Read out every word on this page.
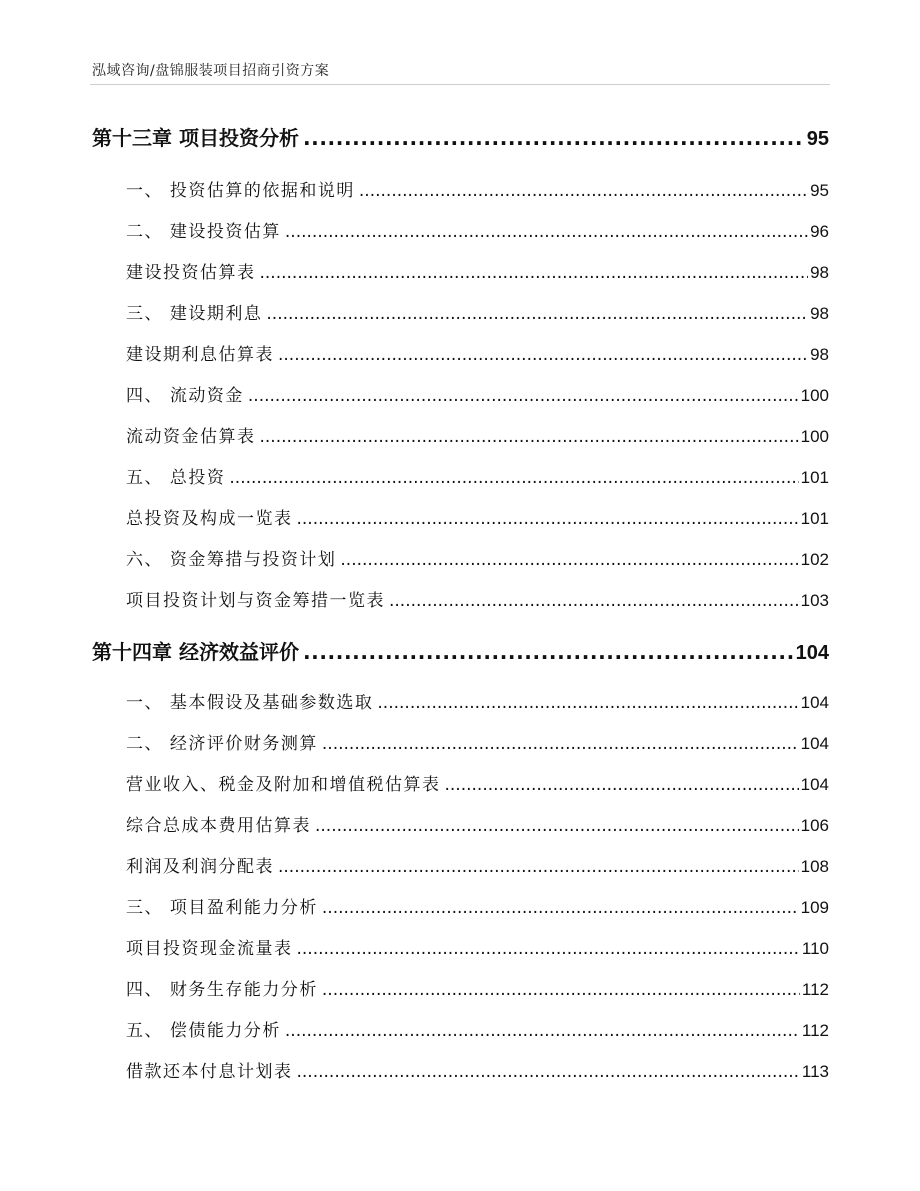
泓域咨询/盘锦服装项目招商引资方案
第十三章 项目投资分析 .....	95
一、 投资估算的依据和说明 .....	95
二、 建设投资估算 .....	96
建设投资估算表 .....	98
三、 建设期利息 .....	98
建设期利息估算表 .....	98
四、 流动资金 .....	100
流动资金估算表 .....	100
五、 总投资 .....	101
总投资及构成一览表 .....	101
六、 资金筹措与投资计划 .....	102
项目投资计划与资金筹措一览表 .....	103
第十四章 经济效益评价 .....	104
一、 基本假设及基础参数选取 .....	104
二、 经济评价财务测算 .....	104
营业收入、税金及附加和增值税估算表 .....	104
综合总成本费用估算表 .....	106
利润及利润分配表 .....	108
三、 项目盈利能力分析 .....	109
项目投资现金流量表 .....	110
四、 财务生存能力分析 .....	112
五、 偿债能力分析 .....	112
借款还本付息计划表 .....	113
